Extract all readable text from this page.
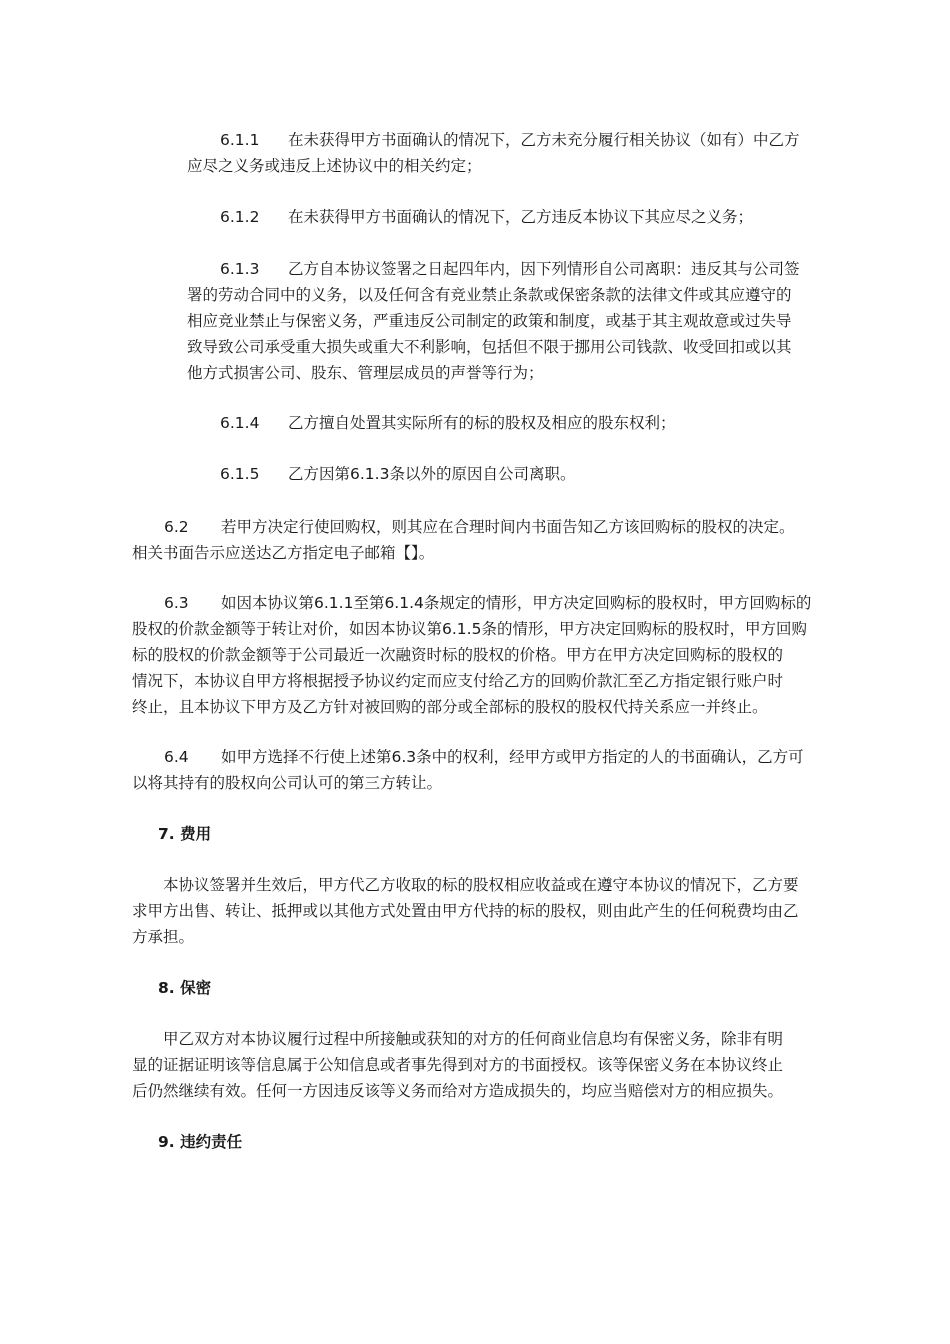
6.1.1 在未获得甲方书面确认的情况下，乙方未充分履行相关协议（如有）中乙方
应尽之义务或违反上述协议中的相关约定；
6.1.2 在未获得甲方书面确认的情况下，乙方违反本协议下其应尽之义务；
6.1.3 乙方自本协议签署之日起四年内，因下列情形自公司离职：违反其与公司签
署的劳动合同中的义务，以及任何含有竞业禁止条款或保密条款的法律文件或其应遵守的
相应竞业禁止与保密义务，严重违反公司制定的政策和制度，或基于其主观故意或过失导
致导致公司承受重大损失或重大不利影响，包括但不限于挪用公司钱款、收受回扣或以其
他方式损害公司、股东、管理层成员的声誉等行为；
6.1.4 乙方擅自处置其实际所有的标的股权及相应的股东权利；
6.1.5 乙方因第6.1.3条以外的原因自公司离职。
6.2 若甲方决定行使回购权，则其应在合理时间内书面告知乙方该回购标的股权的决定。
相关书面告示应送达乙方指定电子邮箱【】。
6.3 如因本协议第6.1.1至第6.1.4条规定的情形，甲方决定回购标的股权时，甲方回购标的
股权的价款金额等于转让对价，如因本协议第6.1.5条的情形，甲方决定回购标的股权时，甲方回购
标的股权的价款金额等于公司最近一次融资时标的股权的价格。甲方在甲方决定回购标的股权的
情况下，本协议自甲方将根据授予协议约定而应支付给乙方的回购价款汇至乙方指定银行账户时
终止，且本协议下甲方及乙方针对被回购的部分或全部标的股权的股权代持关系应一并终止。
6.4 如甲方选择不行使上述第6.3条中的权利，经甲方或甲方指定的人的书面确认，乙方可
以将其持有的股权向公司认可的第三方转让。
7. 费用
本协议签署并生效后，甲方代乙方收取的标的股权相应收益或在遵守本协议的情况下，乙方要
求甲方出售、转让、抵押或以其他方式处置由甲方代持的标的股权，则由此产生的任何税费均由乙
方承担。
8. 保密
甲乙双方对本协议履行过程中所接触或获知的对方的任何商业信息均有保密义务，除非有明
显的证据证明该等信息属于公知信息或者事先得到对方的书面授权。该等保密义务在本协议终止
后仍然继续有效。任何一方因违反该等义务而给对方造成损失的，均应当赔偿对方的相应损失。
9. 违约责任
